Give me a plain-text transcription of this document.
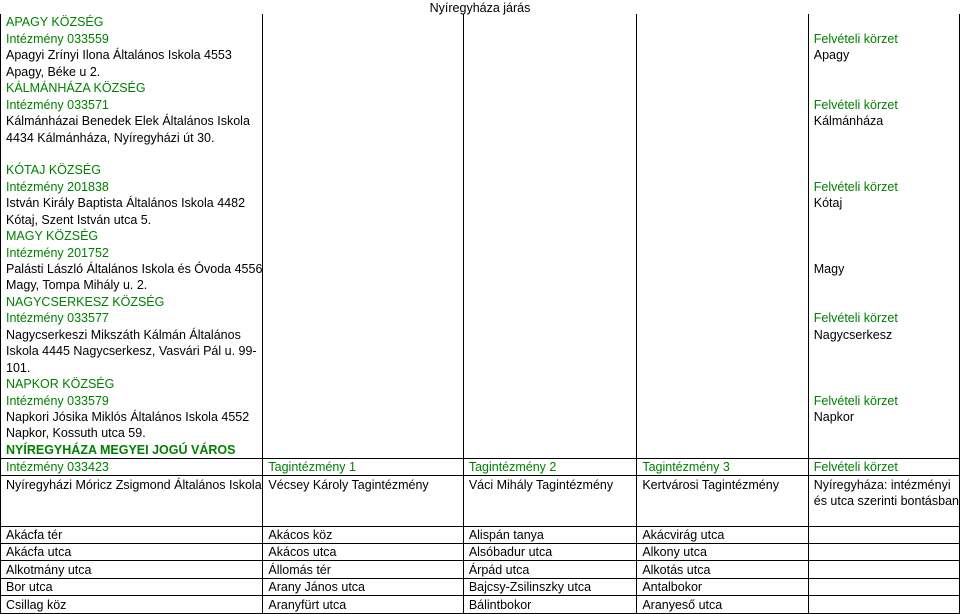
Nyíregyháza járás
APAGY KÖZSÉG				
Intézmény 033559				Felvételi körzet
Apagyi Zrínyi Ilona Általános Iskola 4553				Apagy
Apagy, Béke u 2.				
KÁLMÁNHÁZA KÖZSÉG				
Intézmény 033571				Felvételi körzet
Kálmánházai Benedek Elek Általános Iskola				Kálmánháza
4434 Kálmánháza, Nyíregyházi út 30.				

KÓTAJ KÖZSÉG				
Intézmény 201838				Felvételi körzet
István Király Baptista Általános Iskola 4482				Kótaj
Kótaj, Szent István utca 5.				
MAGY KÖZSÉG				
Intézmény 201752				
Palásti László Általános Iskola és Óvoda 4556				Magy
Magy, Tompa Mihály u. 2.				
NAGYCSERKESZ KÖZSÉG				
Intézmény 033577				Felvételi körzet
Nagycserkeszi Mikszáth Kálmán Általános				Nagycserkesz
Iskola 4445 Nagycserkesz, Vasvári Pál u. 99-				
101.				
NAPKOR KÖZSÉG				
Intézmény 033579				Felvételi körzet
Napkori Jósika Miklós Általános Iskola 4552				Napkor
Napkor, Kossuth utca 59.				
NYÍREGYHÁZA MEGYEI JOGÚ VÁROS				
Intézmény 033423	Tagintézmény 1	Tagintézmény 2	Tagintézmény 3	Felvételi körzet
Nyíregyházi Móricz Zsigmond Általános Iskola	Vécsey Károly Tagintézmény	Váci Mihály Tagintézmény	Kertvárosi Tagintézmény	Nyíregyháza: intézményi
				és utca szerinti bontásban

Akácfa tér	Akácos köz	Alispán tanya	Akácvirág utca	
Akácfa utca	Akácos utca	Alsóbadur utca	Alkony utca	
Alkotmány utca	Állomás tér	Árpád utca	Alkotás utca	
Bor utca	Arany János utca	Bajcsy-Zsilinszky utca	Antalbokor	
Csillag köz	Aranyfürt utca	Bálintbokor	Aranyeső utca	
